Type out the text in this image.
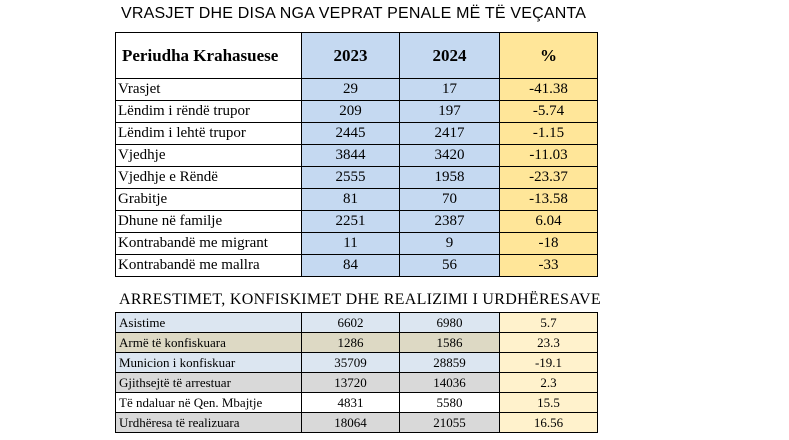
VRASJET DHE DISA NGA VEPRAT PENALE MË TË VEÇANTA
Periudha Krahasuese	2023	2024	%
Vrasjet	29	17	-41.38
Lëndim i rëndë trupor	209	197	-5.74
Lëndim i lehtë trupor	2445	2417	-1.15
Vjedhje	3844	3420	-11.03
Vjedhje e Rëndë	2555	1958	-23.37
Grabitje	81	70	-13.58
Dhune në familje	2251	2387	6.04
Kontrabandë me migrant	11	9	-18
Kontrabandë me mallra	84	56	-33
ARRESTIMET, KONFISKIMET DHE REALIZIMI I URDHËRESAVE
Asistime	6602	6980	5.7
Armë të konfiskuara	1286	1586	23.3
Municion i konfiskuar	35709	28859	-19.1
Gjithsejtë të arrestuar	13720	14036	2.3
Të ndaluar në Qen. Mbajtje	4831	5580	15.5
Urdhëresa të realizuara	18064	21055	16.56
